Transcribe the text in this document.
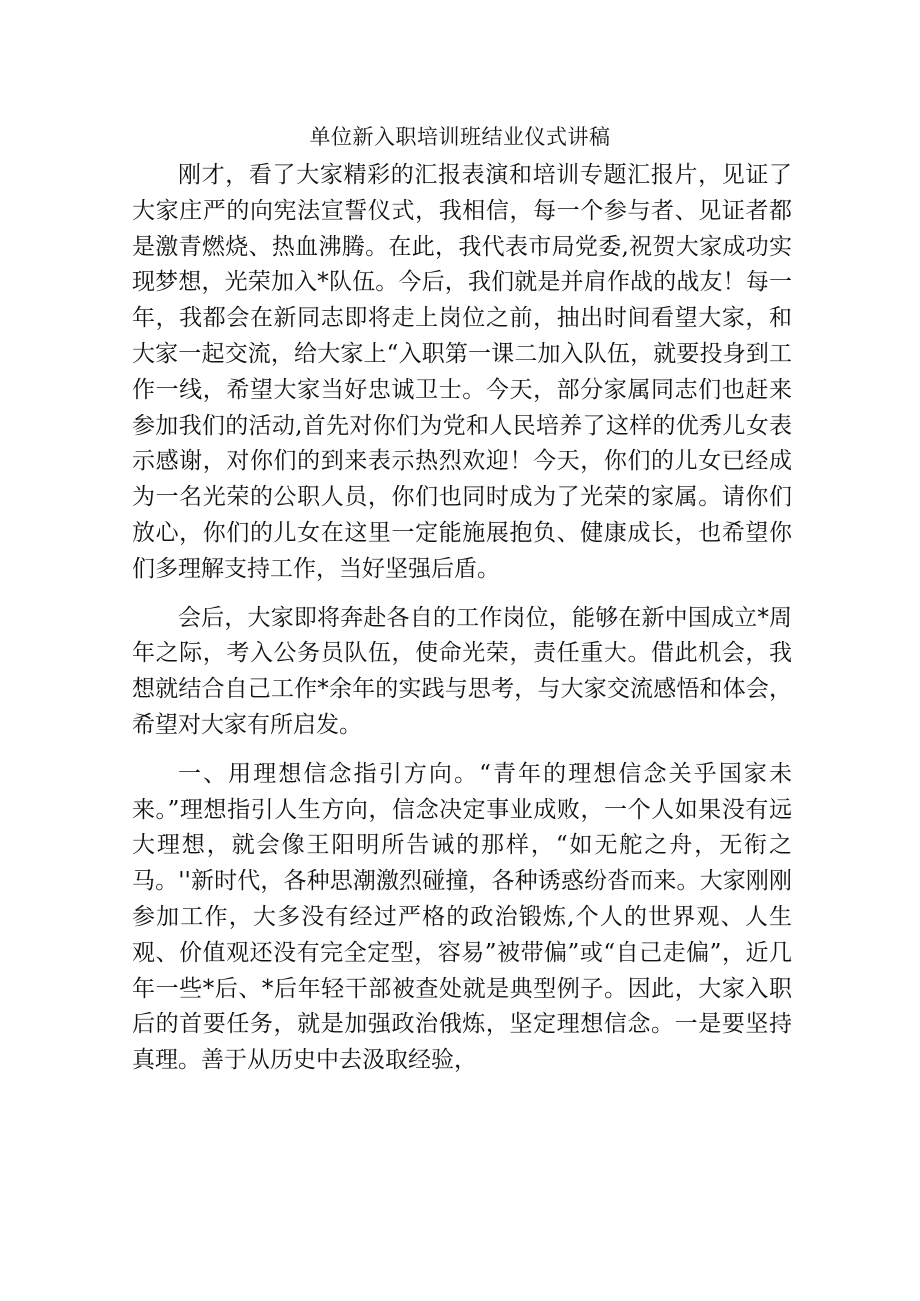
单位新入职培训班结业仪式讲稿

刚才，看了大家精彩的汇报表演和培训专题汇报片，见证了大家庄严的向宪法宣誓仪式，我相信，每一个参与者、见证者都是激青燃烧、热血沸腾。在此，我代表市局党委,祝贺大家成功实现梦想，光荣加入*队伍。今后，我们就是并肩作战的战友！每一年，我都会在新同志即将走上岗位之前，抽出时间看望大家，和大家一起交流，给大家上“入职第一课二加入队伍，就要投身到工作一线，希望大家当好忠诚卫士。今天，部分家属同志们也赶来参加我们的活动,首先对你们为党和人民培养了这样的优秀儿女表示感谢，对你们的到来表示热烈欢迎！今天，你们的儿女已经成为一名光荣的公职人员，你们也同时成为了光荣的家属。请你们放心，你们的儿女在这里一定能施展抱负、健康成长，也希望你们多理解支持工作，当好坚强后盾。

会后，大家即将奔赴各自的工作岗位，能够在新中国成立*周年之际，考入公务员队伍，使命光荣，责任重大。借此机会，我想就结合自己工作*余年的实践与思考，与大家交流感悟和体会，希望对大家有所启发。

一、用理想信念指引方向。“青年的理想信念关乎国家未来。”理想指引人生方向，信念决定事业成败，一个人如果没有远大理想，就会像王阳明所告诫的那样，“如无舵之舟，无衔之马。''新时代，各种思潮激烈碰撞，各种诱惑纷沓而来。大家刚刚参加工作，大多没有经过严格的政治锻炼,个人的世界观、人生观、价值观还没有完全定型，容易”被带偏”或“自己走偏”，近几年一些*后、*后年轻干部被查处就是典型例子。因此，大家入职后的首要任务，就是加强政治俄炼，坚定理想信念。一是要坚持真理。善于从历史中去汲取经验，
